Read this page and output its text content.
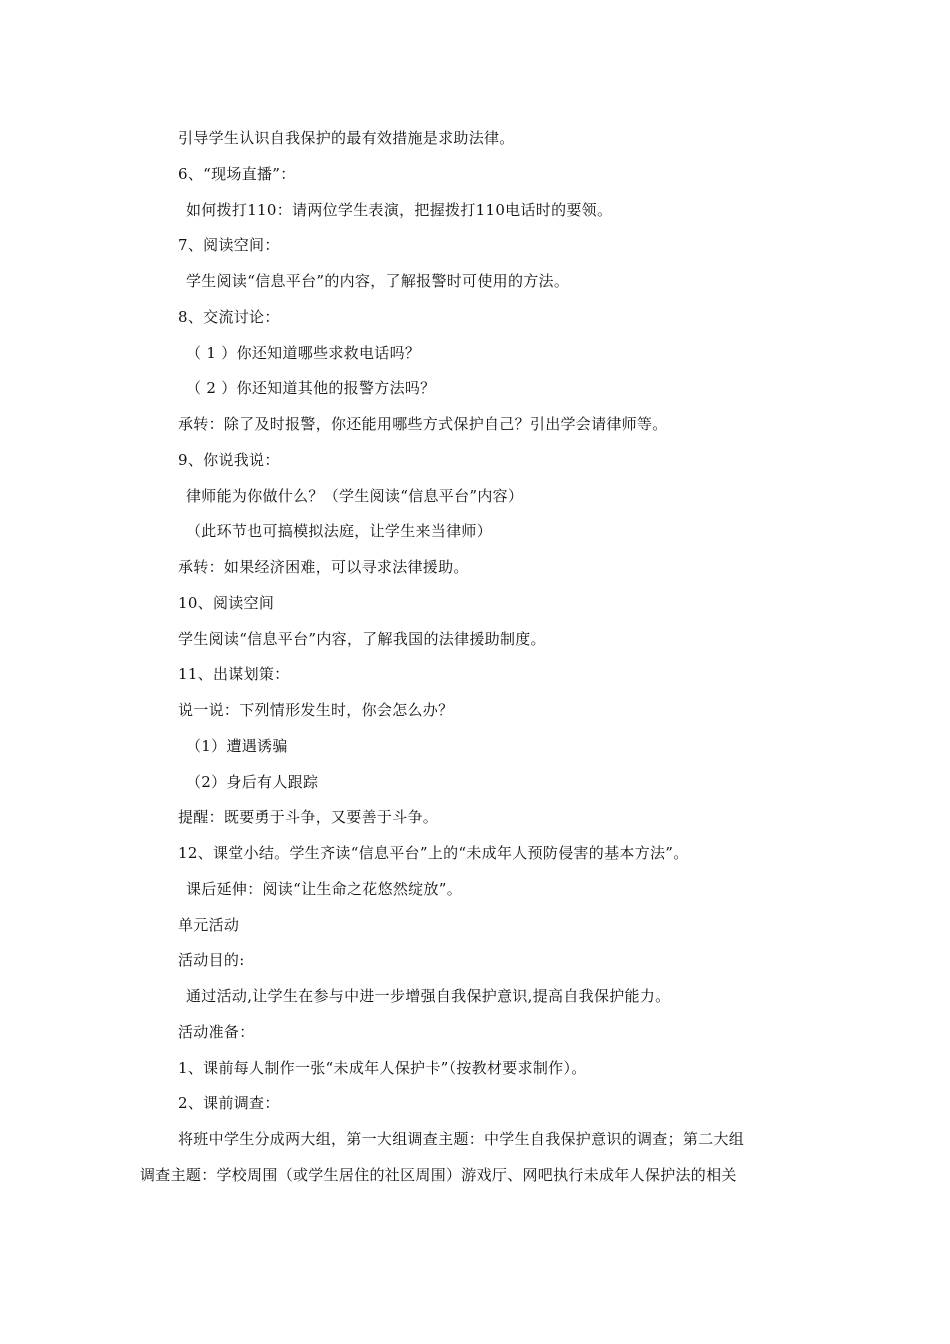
引导学生认识自我保护的最有效措施是求助法律。
6、“现场直播”：
如何拨打110：请两位学生表演，把握拨打110电话时的要领。
7、阅读空间：
学生阅读“信息平台”的内容，了解报警时可使用的方法。
8、交流讨论：
（ 1 ）你还知道哪些求救电话吗？
（ 2 ）你还知道其他的报警方法吗？
承转：除了及时报警，你还能用哪些方式保护自己？引出学会请律师等。
9、你说我说：
律师能为你做什么？（学生阅读“信息平台”内容）
（此环节也可搞模拟法庭，让学生来当律师）
承转：如果经济困难，可以寻求法律援助。
10、阅读空间
学生阅读“信息平台”内容，了解我国的法律援助制度。
11、出谋划策：
说一说：下列情形发生时，你会怎么办？
（1）遭遇诱骗
（2）身后有人跟踪
提醒：既要勇于斗争，又要善于斗争。
12、课堂小结。学生齐读“信息平台”上的“未成年人预防侵害的基本方法”。
课后延伸：阅读“让生命之花悠然绽放”。
单元活动
活动目的:
通过活动,让学生在参与中进一步增强自我保护意识,提高自我保护能力。
活动准备：
1、课前每人制作一张“未成年人保护卡”（按教材要求制作）。
2、课前调查：
将班中学生分成两大组，第一大组调查主题：中学生自我保护意识的调查；第二大组
调查主题：学校周围（或学生居住的社区周围）游戏厅、网吧执行未成年人保护法的相关
